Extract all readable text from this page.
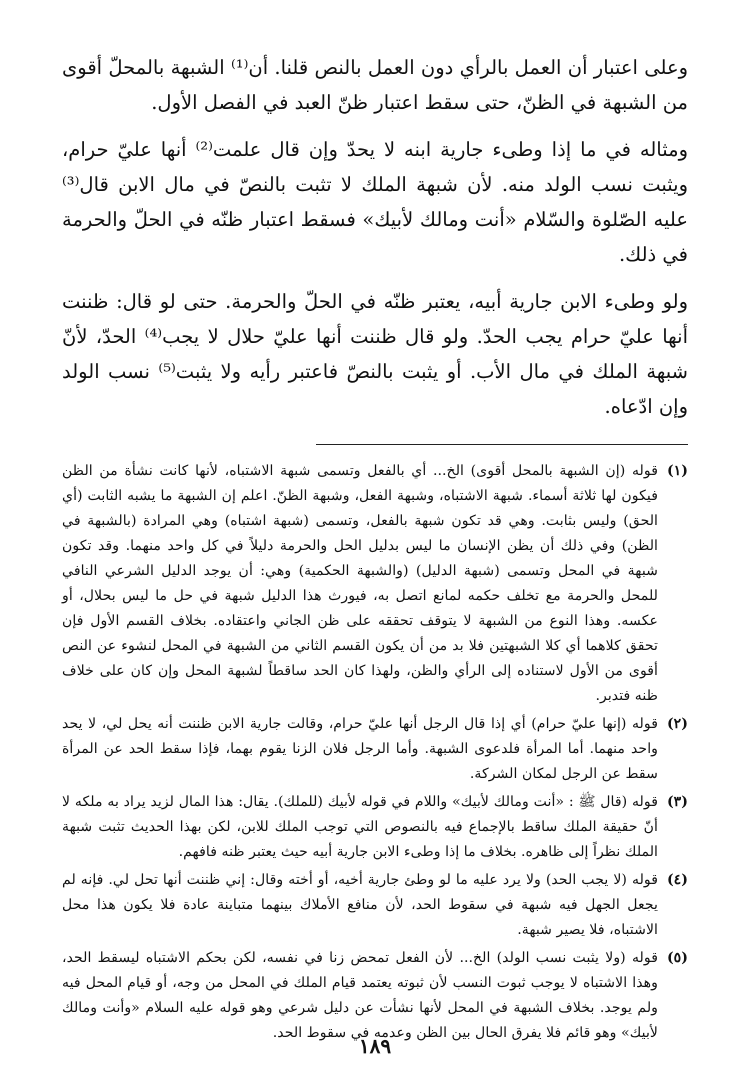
وعلى اعتبار أن العمل بالرأي دون العمل بالنص قلنا. أن⁽¹⁾ الشبهة بالمحلّ أقوى من الشبهة في الظنّ، حتى سقط اعتبار ظنّ العبد في الفصل الأول.

ومثاله في ما إذا وطىء جارية ابنه لا يحدّ وإن قال علمت⁽²⁾ أنها عليّ حرام، ويثبت نسب الولد منه. لأن شبهة الملك لا تثبت بالنصّ في مال الابن قال⁽³⁾ عليه الصّلوة والسّلام «أنت ومالك لأبيك» فسقط اعتبار ظنّه في الحلّ والحرمة في ذلك.

ولو وطىء الابن جارية أبيه، يعتبر ظنّه في الحلّ والحرمة. حتى لو قال: ظننت أنها عليّ حرام يجب الحدّ. ولو قال ظننت أنها عليّ حلال لا يجب⁽⁴⁾ الحدّ، لأنّ شبهة الملك في مال الأب. أو يثبت بالنصّ فاعتبر رأيه ولا يثبت⁽⁵⁾ نسب الولد وإن ادّعاه.

(١)
قوله (إن الشبهة بالمحل أقوى) الخ... أي بالفعل وتسمى شبهة الاشتباه، لأنها كانت نشأة من الظن فيكون لها ثلاثة أسماء. شبهة الاشتباه، وشبهة الفعل، وشبهة الظنّ. اعلم إن الشبهة ما يشبه الثابت (أي الحق) وليس بثابت. وهي قد تكون شبهة بالفعل، وتسمى (شبهة اشتباه) وهي المرادة (بالشبهة في الظن) وفي ذلك أن يظن الإنسان ما ليس بدليل الحل والحرمة دليلاً في كل واحد منهما. وقد تكون شبهة في المحل وتسمى (شبهة الدليل) (والشبهة الحكمية) وهي: أن يوجد الدليل الشرعي النافي للمحل والحرمة مع تخلف حكمه لمانع اتصل به، فيورث هذا الدليل شبهة في حل ما ليس بحلال، أو عكسه. وهذا النوع من الشبهة لا يتوقف تحققه على ظن الجاني واعتقاده. بخلاف القسم الأول فإن تحقق كلاهما أي كلا الشبهتين فلا بد من أن يكون القسم الثاني من الشبهة في المحل لنشوء عن النص أقوى من الأول لاستناده إلى الرأي والظن، ولهذا كان الحد ساقطاً لشبهة المحل وإن كان على خلاف ظنه فتدبر.
(٢)
قوله (إنها عليّ حرام) أي إذا قال الرجل أنها عليّ حرام، وقالت جارية الابن ظننت أنه يحل لي، لا يحد واحد منهما. أما المرأة فلدعوى الشبهة. وأما الرجل فلان الزنا يقوم بهما، فإذا سقط الحد عن المرأة سقط عن الرجل لمكان الشركة.
(٣)
قوله (قال ﷺ : «أنت ومالك لأبيك» واللام في قوله لأبيك (للملك). يقال: هذا المال لزيد يراد به ملكه لا أنّ حقيقة الملك ساقط بالإجماع فيه بالنصوص التي توجب الملك للابن، لكن بهذا الحديث تثبت شبهة الملك نظراً إلى ظاهره. بخلاف ما إذا وطىء الابن جارية أبيه حيث يعتبر ظنه فافهم.
(٤)
قوله (لا يجب الحد) ولا يرد عليه ما لو وطئ جارية أخيه، أو أخته وقال: إني ظننت أنها تحل لي. فإنه لم يجعل الجهل فيه شبهة في سقوط الحد، لأن منافع الأملاك بينهما متباينة عادة فلا يكون هذا محل الاشتباه، فلا يصير شبهة.
(٥)
قوله (ولا يثبت نسب الولد) الخ... لأن الفعل تمحض زنا في نفسه، لكن بحكم الاشتباه ليسقط الحد، وهذا الاشتباه لا يوجب ثبوت النسب لأن ثبوته يعتمد قيام الملك في المحل من وجه، أو قيام المحل فيه ولم يوجد. بخلاف الشبهة في المحل لأنها نشأت عن دليل شرعي وهو قوله عليه السلام «وأنت ومالك لأبيك» وهو قائم فلا يفرق الحال بين الظن وعدمه في سقوط الحد.
١٨٩
